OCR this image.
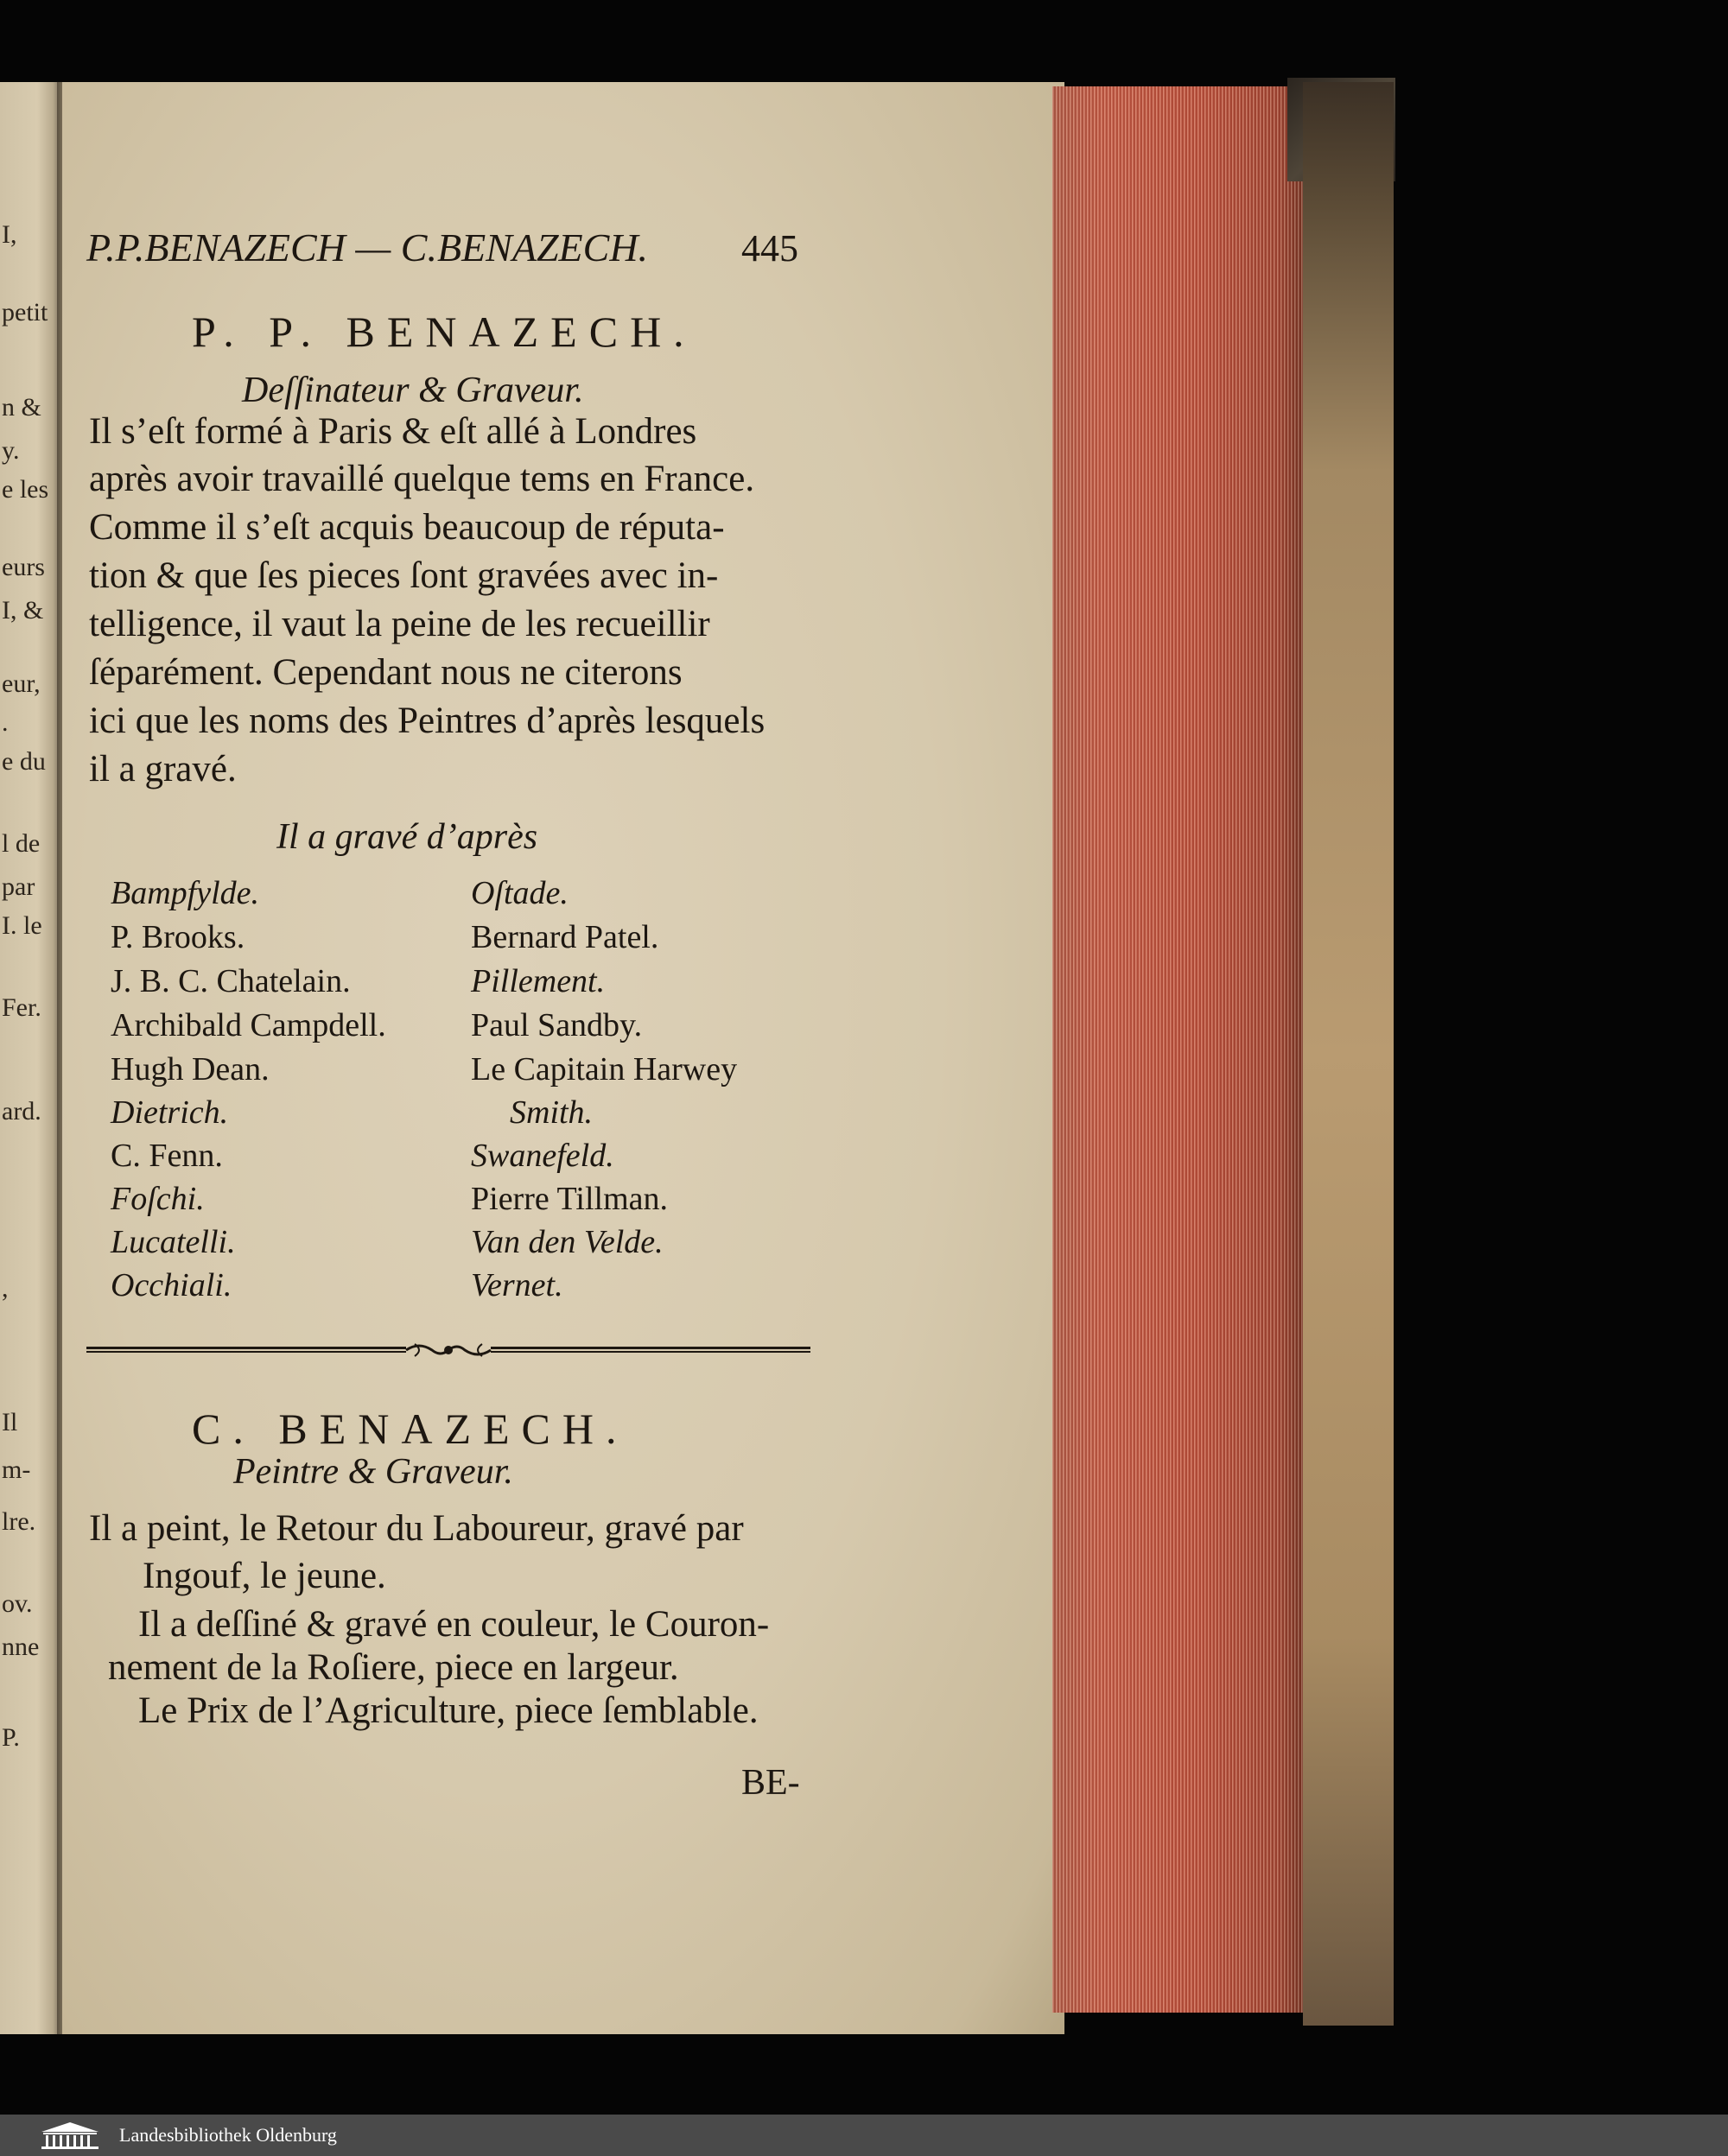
I,
petit
n &
y.
e les
eurs
I, &
eur,
.
e du
l de
par
I. le
Fer.
ard.
,
Il
m-
lre.
ov.
nne
P.
P.P.BENAZECH — C.BENAZECH. 445
P. P. BENAZECH.
Deſſinateur & Graveur.
Il s’eſt formé à Paris & eſt allé à Londres
après avoir travaillé quelque tems en France.
Comme il s’eſt acquis beaucoup de réputa-
tion & que ſes pieces ſont gravées avec in-
telligence, il vaut la peine de les recueillir
ſéparément. Cependant nous ne citerons
ici que les noms des Peintres d’après lesquels
il a gravé.
Il a gravé d’après
Bampfylde.
P. Brooks.
J. B. C. Chatelain.
Archibald Campdell.
Hugh Dean.
Dietrich.
C. Fenn.
Foſchi.
Lucatelli.
Occhiali.
Oſtade.
Bernard Patel.
Pillement.
Paul Sandby.
Le Capitain Harwey
Smith.
Swanefeld.
Pierre Tillman.
Van den Velde.
Vernet.
C. BENAZECH.
Peintre & Graveur.
Il a peint, le Retour du Laboureur, gravé par
Ingouf, le jeune.
Il a deſſiné & gravé en couleur, le Couron-
nement de la Roſiere, piece en largeur.
Le Prix de l’Agriculture, piece ſemblable.
BE-
Landesbibliothek Oldenburg
